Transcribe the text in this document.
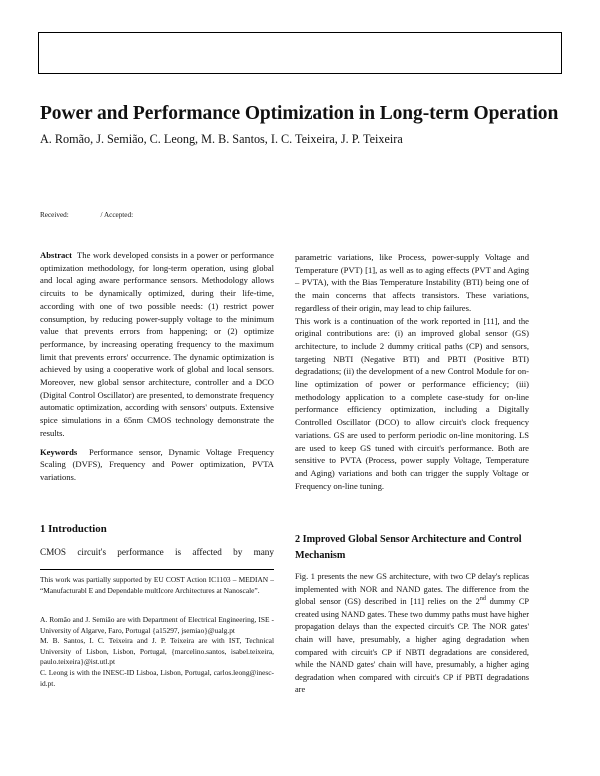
Power and Performance Optimization in Long-term Operation
A. Romão, J. Semião, C. Leong, M. B. Santos, I. C. Teixeira, J. P. Teixeira
Received:	/ Accepted:

Abstract The work developed consists in a power or performance optimization methodology, for long-term operation, using global and local aging aware performance sensors. Methodology allows circuits to be dynamically optimized, during their life-time, according with one of two possible needs: (1) restrict power consumption, by reducing power-supply voltage to the minimum value that prevents errors from happening; or (2) optimize performance, by increasing operating frequency to the maximum limit that prevents errors' occurrence. The dynamic optimization is achieved by using a cooperative work of global and local sensors. Moreover, new global sensor architecture, controller and a DCO (Digital Control Oscillator) are presented, to demonstrate frequency automatic optimization, according with sensors' outputs. Extensive spice simulations in a 65nm CMOS technology demonstrate the results.

Keywords Performance sensor, Dynamic Voltage Frequency Scaling (DVFS), Frequency and Power optimization, PVTA variations.

1 Introduction
CMOS circuit's performance is affected by many

This work was partially supported by EU COST Action IC1103 – MEDIAN – “Manufacturabl E and Dependable multIcore Architectures at Nanoscale”.

A. Romão and J. Semião are with Department of Electrical Engineering, ISE - University of Algarve, Faro, Portugal {a15297, jsemiao}@ualg.pt

M. B. Santos, I. C. Teixeira and J. P. Teixeira are with IST, Technical University of Lisbon, Lisbon, Portugal, {marcelino.santos, isabel.teixeira, paulo.teixeira}@ist.utl.pt

C. Leong is with the INESC-ID Lisboa, Lisbon, Portugal, carlos.leong@inesc-id.pt.

parametric variations, like Process, power-supply Voltage and Temperature (PVT) [1], as well as to aging effects (PVT and Aging – PVTA), with the Bias Temperature Instability (BTI) being one of the main concerns that affects transistors. These variations, regardless of their origin, may lead to chip failures.

This work is a continuation of the work reported in [11], and the original contributions are: (i) an improved global sensor (GS) architecture, to include 2 dummy critical paths (CP) and sensors, targeting NBTI (Negative BTI) and PBTI (Positive BTI) degradations; (ii) the development of a new Control Module for on-line optimization of power or performance efficiency; (iii) methodology application to a complete case-study for on-line performance efficiency optimization, including a Digitally Controlled Oscillator (DCO) to allow circuit's clock frequency variations. GS are used to perform periodic on-line monitoring. LS are used to keep GS tuned with circuit's performance. Both are sensitive to PVTA (Process, power supply Voltage, Temperature and Aging) variations and both can trigger the supply Voltage or Frequency on-line tuning.

2 Improved Global Sensor Architecture and Control Mechanism

Fig. 1 presents the new GS architecture, with two CP delay's replicas implemented with NOR and NAND gates. The difference from the global sensor (GS) described in [11] relies on the 2nd dummy CP created using NAND gates. These two dummy paths must have higher propagation delays than the expected circuit's CP. The NOR gates' chain will have, presumably, a higher aging degradation when compared with circuit's CP if NBTI degradations are considered, while the NAND gates' chain will have, presumably, a higher aging degradation when compared with circuit's CP if PBTI degradations are
